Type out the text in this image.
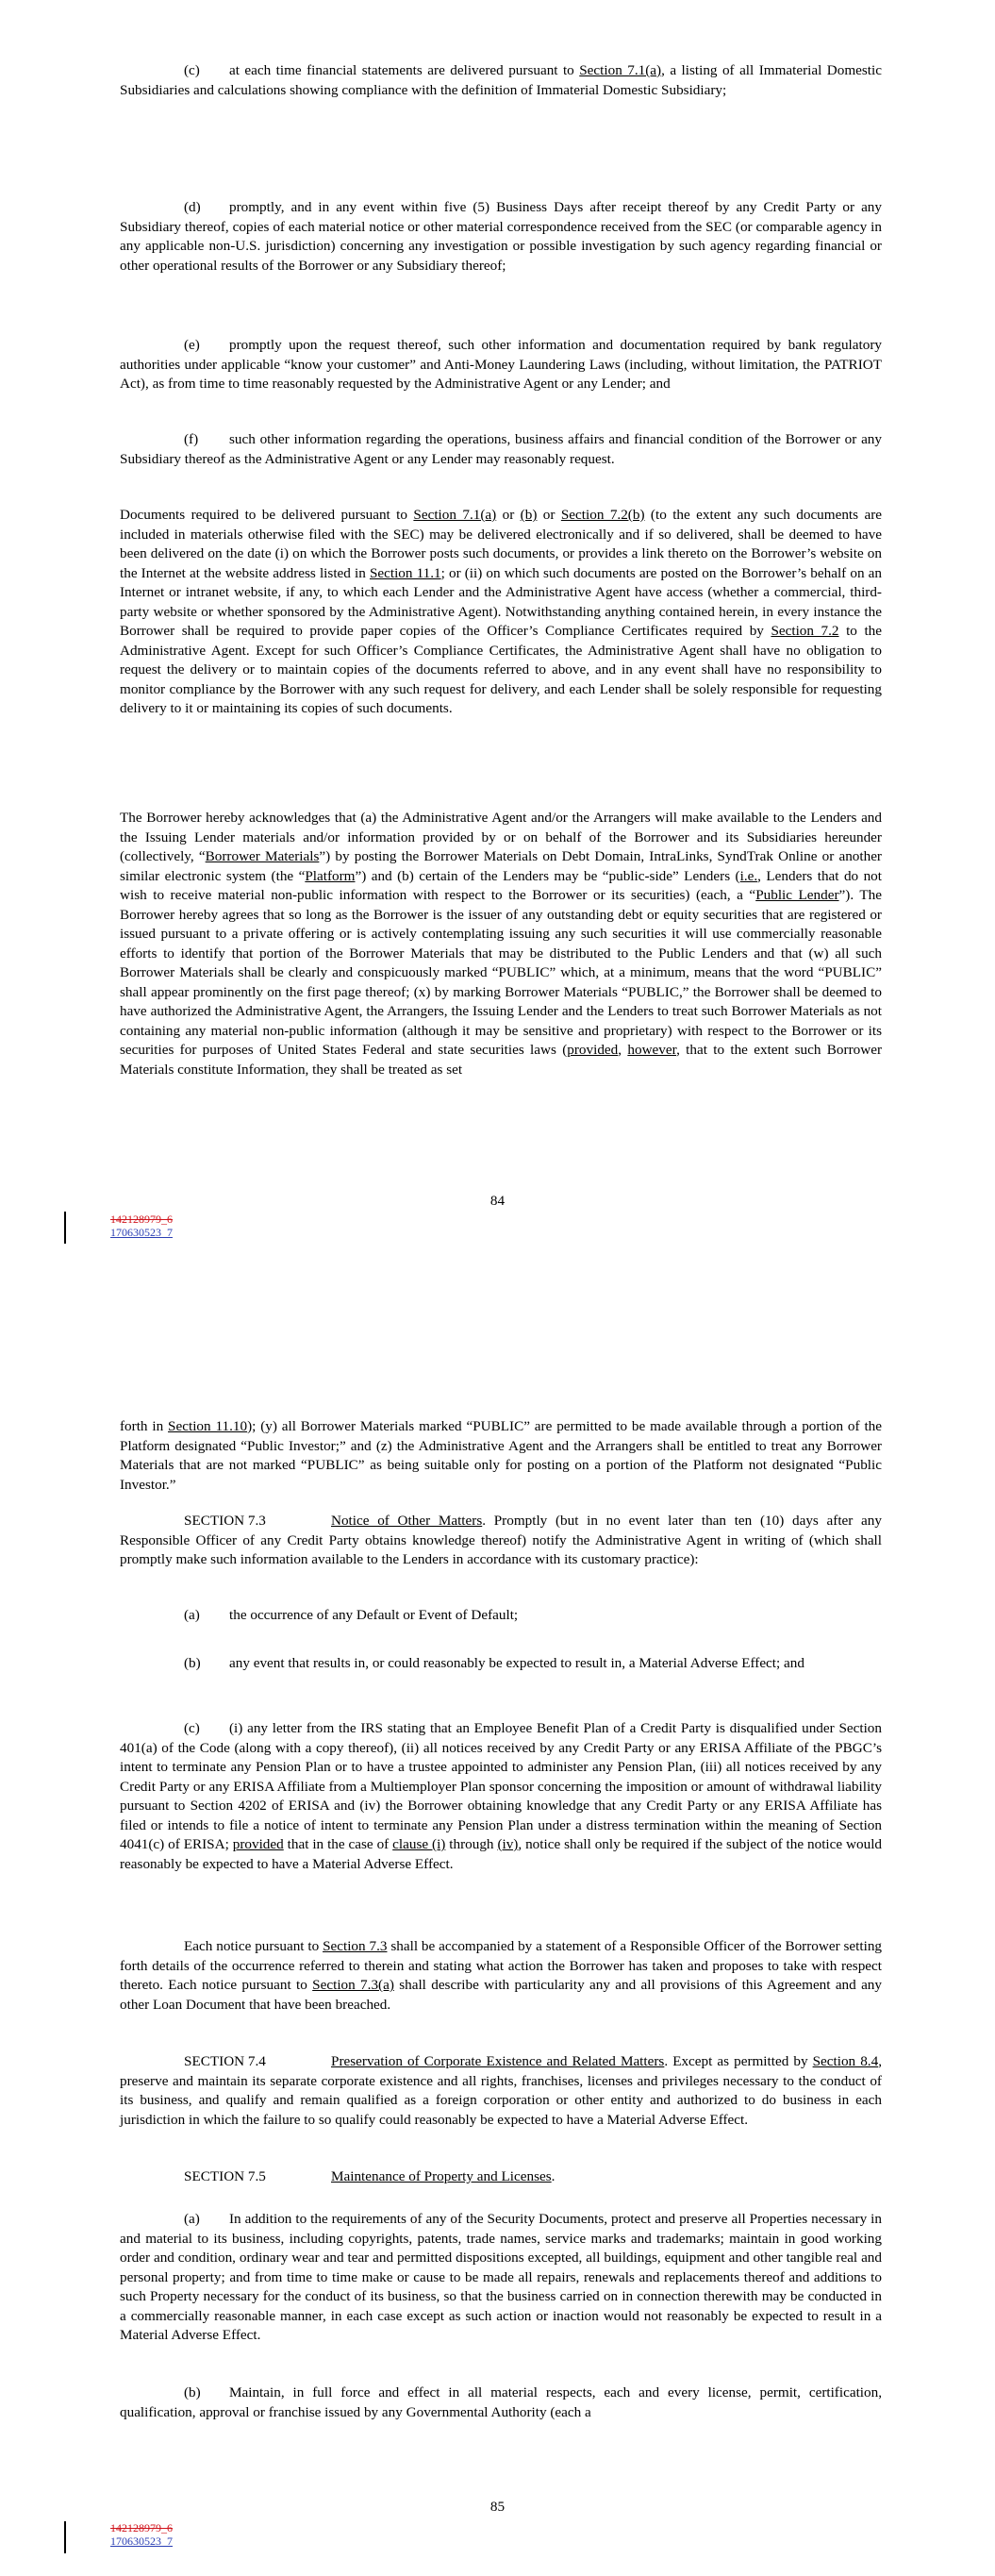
(c) at each time financial statements are delivered pursuant to Section 7.1(a), a listing of all Immaterial Domestic Subsidiaries and calculations showing compliance with the definition of Immaterial Domestic Subsidiary;

(d) promptly, and in any event within five (5) Business Days after receipt thereof by any Credit Party or any Subsidiary thereof, copies of each material notice or other material correspondence received from the SEC (or comparable agency in any applicable non-U.S. jurisdiction) concerning any investigation or possible investigation by such agency regarding financial or other operational results of the Borrower or any Subsidiary thereof;

(e) promptly upon the request thereof, such other information and documentation required by bank regulatory authorities under applicable “know your customer” and Anti-Money Laundering Laws (including, without limitation, the PATRIOT Act), as from time to time reasonably requested by the Administrative Agent or any Lender; and

(f) such other information regarding the operations, business affairs and financial condition of the Borrower or any Subsidiary thereof as the Administrative Agent or any Lender may reasonably request.

Documents required to be delivered pursuant to Section 7.1(a) or (b) or Section 7.2(b) (to the extent any such documents are included in materials otherwise filed with the SEC) may be delivered electronically and if so delivered, shall be deemed to have been delivered on the date (i) on which the Borrower posts such documents, or provides a link thereto on the Borrower’s website on the Internet at the website address listed in Section 11.1; or (ii) on which such documents are posted on the Borrower’s behalf on an Internet or intranet website, if any, to which each Lender and the Administrative Agent have access (whether a commercial, third-party website or whether sponsored by the Administrative Agent). Notwithstanding anything contained herein, in every instance the Borrower shall be required to provide paper copies of the Officer’s Compliance Certificates required by Section 7.2 to the Administrative Agent. Except for such Officer’s Compliance Certificates, the Administrative Agent shall have no obligation to request the delivery or to maintain copies of the documents referred to above, and in any event shall have no responsibility to monitor compliance by the Borrower with any such request for delivery, and each Lender shall be solely responsible for requesting delivery to it or maintaining its copies of such documents.

The Borrower hereby acknowledges that (a) the Administrative Agent and/or the Arrangers will make available to the Lenders and the Issuing Lender materials and/or information provided by or on behalf of the Borrower and its Subsidiaries hereunder (collectively, “Borrower Materials”) by posting the Borrower Materials on Debt Domain, IntraLinks, SyndTrak Online or another similar electronic system (the “Platform”) and (b) certain of the Lenders may be “public-side” Lenders (i.e., Lenders that do not wish to receive material non-public information with respect to the Borrower or its securities) (each, a “Public Lender”). The Borrower hereby agrees that so long as the Borrower is the issuer of any outstanding debt or equity securities that are registered or issued pursuant to a private offering or is actively contemplating issuing any such securities it will use commercially reasonable efforts to identify that portion of the Borrower Materials that may be distributed to the Public Lenders and that (w) all such Borrower Materials shall be clearly and conspicuously marked “PUBLIC” which, at a minimum, means that the word “PUBLIC” shall appear prominently on the first page thereof; (x) by marking Borrower Materials “PUBLIC,” the Borrower shall be deemed to have authorized the Administrative Agent, the Arrangers, the Issuing Lender and the Lenders to treat such Borrower Materials as not containing any material non-public information (although it may be sensitive and proprietary) with respect to the Borrower or its securities for purposes of United States Federal and state securities laws (provided, however, that to the extent such Borrower Materials constitute Information, they shall be treated as set

84
142128979_6
170630523_7

forth in Section 11.10); (y) all Borrower Materials marked “PUBLIC” are permitted to be made available through a portion of the Platform designated “Public Investor;” and (z) the Administrative Agent and the Arrangers shall be entitled to treat any Borrower Materials that are not marked “PUBLIC” as being suitable only for posting on a portion of the Platform not designated “Public Investor.”

SECTION 7.3	Notice of Other Matters. Promptly (but in no event later than ten (10) days after any Responsible Officer of any Credit Party obtains knowledge thereof) notify the Administrative Agent in writing of (which shall promptly make such information available to the Lenders in accordance with its customary practice):

(a) the occurrence of any Default or Event of Default;

(b) any event that results in, or could reasonably be expected to result in, a Material Adverse Effect; and

(c) (i) any letter from the IRS stating that an Employee Benefit Plan of a Credit Party is disqualified under Section 401(a) of the Code (along with a copy thereof), (ii) all notices received by any Credit Party or any ERISA Affiliate of the PBGC’s intent to terminate any Pension Plan or to have a trustee appointed to administer any Pension Plan, (iii) all notices received by any Credit Party or any ERISA Affiliate from a Multiemployer Plan sponsor concerning the imposition or amount of withdrawal liability pursuant to Section 4202 of ERISA and (iv) the Borrower obtaining knowledge that any Credit Party or any ERISA Affiliate has filed or intends to file a notice of intent to terminate any Pension Plan under a distress termination within the meaning of Section 4041(c) of ERISA; provided that in the case of clause (i) through (iv), notice shall only be required if the subject of the notice would reasonably be expected to have a Material Adverse Effect.

Each notice pursuant to Section 7.3 shall be accompanied by a statement of a Responsible Officer of the Borrower setting forth details of the occurrence referred to therein and stating what action the Borrower has taken and proposes to take with respect thereto. Each notice pursuant to Section 7.3(a) shall describe with particularity any and all provisions of this Agreement and any other Loan Document that have been breached.

SECTION 7.4	Preservation of Corporate Existence and Related Matters. Except as permitted by Section 8.4, preserve and maintain its separate corporate existence and all rights, franchises, licenses and privileges necessary to the conduct of its business, and qualify and remain qualified as a foreign corporation or other entity and authorized to do business in each jurisdiction in which the failure to so qualify could reasonably be expected to have a Material Adverse Effect.

SECTION 7.5	Maintenance of Property and Licenses.

(a) In addition to the requirements of any of the Security Documents, protect and preserve all Properties necessary in and material to its business, including copyrights, patents, trade names, service marks and trademarks; maintain in good working order and condition, ordinary wear and tear and permitted dispositions excepted, all buildings, equipment and other tangible real and personal property; and from time to time make or cause to be made all repairs, renewals and replacements thereof and additions to such Property necessary for the conduct of its business, so that the business carried on in connection therewith may be conducted in a commercially reasonable manner, in each case except as such action or inaction would not reasonably be expected to result in a Material Adverse Effect.

(b) Maintain, in full force and effect in all material respects, each and every license, permit, certification, qualification, approval or franchise issued by any Governmental Authority (each a

85
142128979_6
170630523_7
